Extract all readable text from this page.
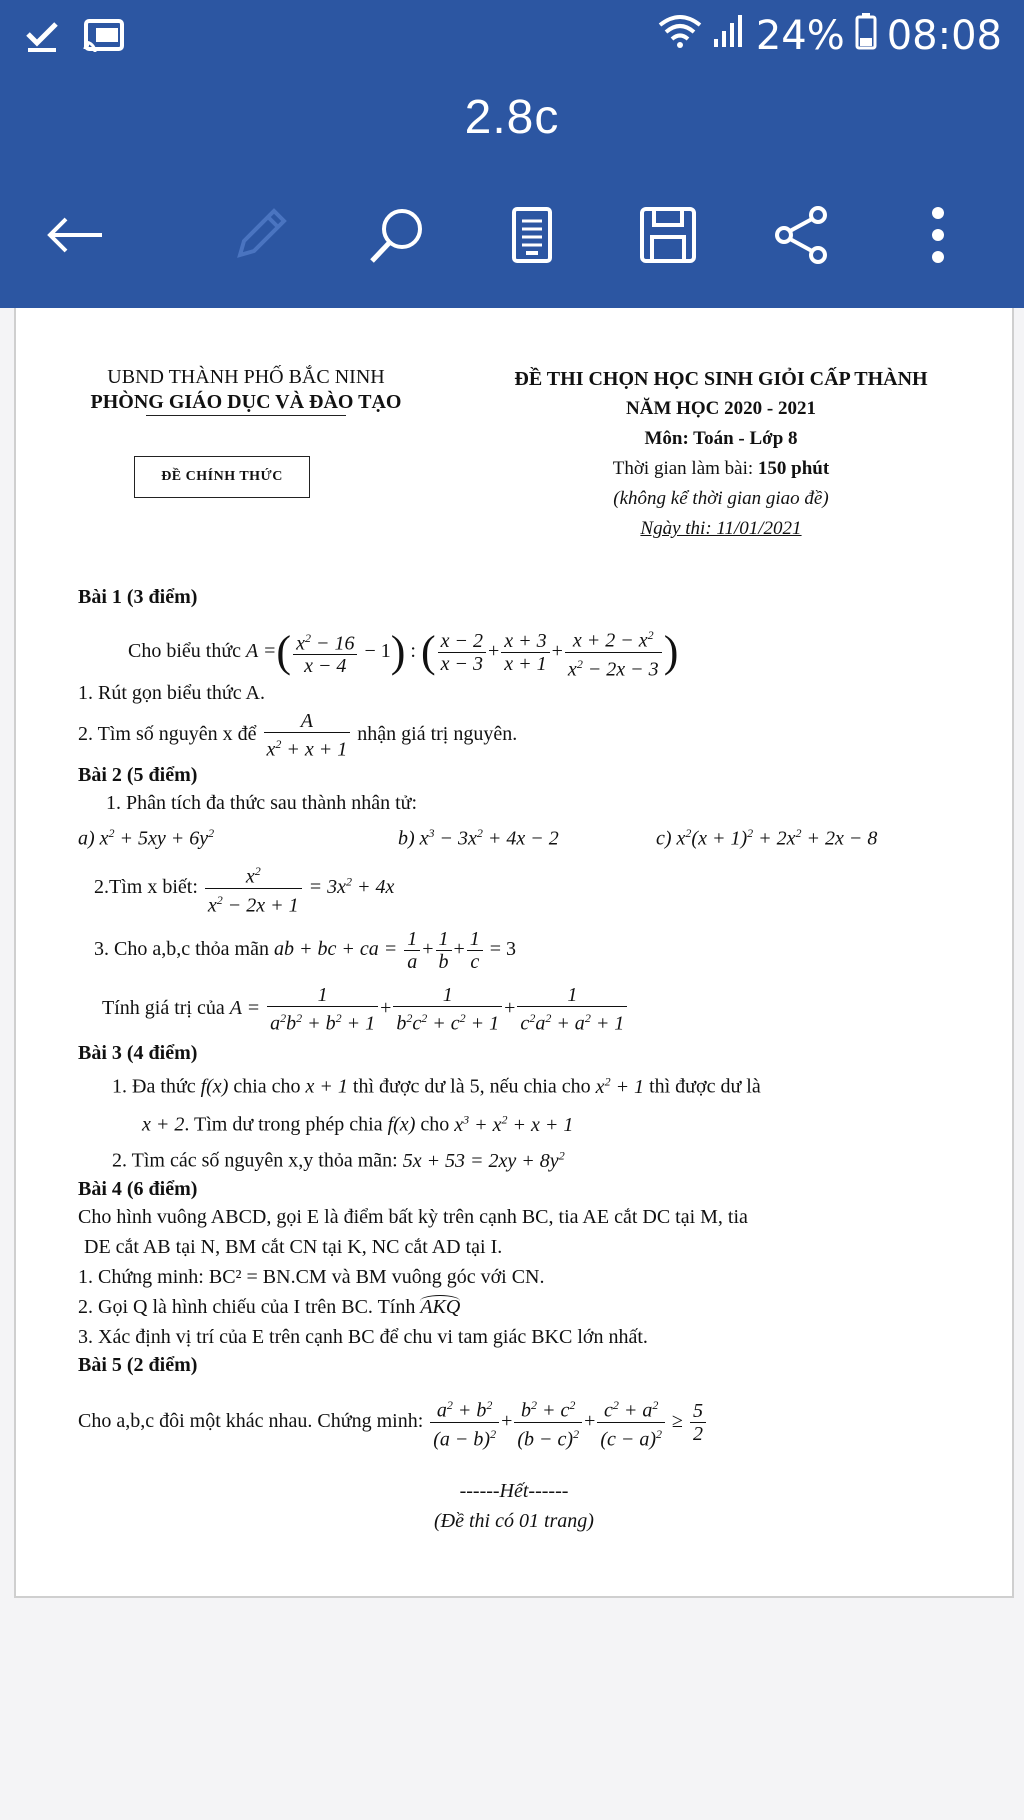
24% 08:08
2.8c
UBND THÀNH PHỐ BẮC NINH
PHÒNG GIÁO DỤC VÀ ĐÀO TẠO
ĐỀ CHÍNH THỨC
ĐỀ THI CHỌN HỌC SINH GIỎI CẤP THÀNH
NĂM HỌC 2020 - 2021
Môn: Toán - Lớp 8
Thời gian làm bài: 150 phút
(không kể thời gian giao đề)
Ngày thi: 11/01/2021
Bài 1 (3 điểm)
Cho biểu thức A =( $\frac{x^2 - 16}{x - 4} - 1$) : ( $\frac{x - 2}{x - 3} + \frac{x + 3}{x + 1} + \frac{x + 2 - x^2}{x^2 - 2x - 3}$ )
1. Rút gọn biểu thức A.
2. Tìm số nguyên x để $\frac{A}{x^2 + x + 1}$ nhận giá trị nguyên.
Bài 2 (5 điểm)
1. Phân tích đa thức sau thành nhân tử:
a) $x^2 + 5xy + 6y^2$	b) $x^3 - 3x^2 + 4x - 2$	c) $x^2(x + 1)^2 + 2x^2 + 2x - 8$
2.Tìm x biết: $\frac{x^2}{x^2 - 2x + 1} = 3x^2 + 4x$
3. Cho a,b,c thỏa mãn ab + bc + ca = $\frac{1}{a} + \frac{1}{b} + \frac{1}{c} = 3$
Tính giá trị của $A = \frac{1}{a^2b^2 + b^2 + 1} + \frac{1}{b^2c^2 + c^2 + 1} + \frac{1}{c^2a^2 + a^2 + 1}$
Bài 3 (4 điểm)
1. Đa thức f(x) chia cho x + 1 thì được dư là 5, nếu chia cho $x^2 + 1$ thì được dư là
x + 2. Tìm dư trong phép chia f(x) cho $x^3 + x^2 + x + 1$
2. Tìm các số nguyên x,y thỏa mãn: $5x + 53 = 2xy + 8y^2$
Bài 4 (6 điểm)
Cho hình vuông ABCD, gọi E là điểm bất kỳ trên cạnh BC, tia AE cắt DC tại M, tia
DE cắt AB tại N, BM cắt CN tại K, NC cắt AD tại I.
1. Chứng minh: BC² = BN.CM và BM vuông góc với CN.
2. Gọi Q là hình chiếu của I trên BC. Tính AKQ
3. Xác định vị trí của E trên cạnh BC để chu vi tam giác BKC lớn nhất.
Bài 5 (2 điểm)
Cho a,b,c đôi một khác nhau. Chứng minh: $\frac{a^2 + b^2}{(a - b)^2} + \frac{b^2 + c^2}{(b - c)^2} + \frac{c^2 + a^2}{(c - a)^2} \ge \frac{5}{2}$
------Hết------
(Đề thi có 01 trang)
